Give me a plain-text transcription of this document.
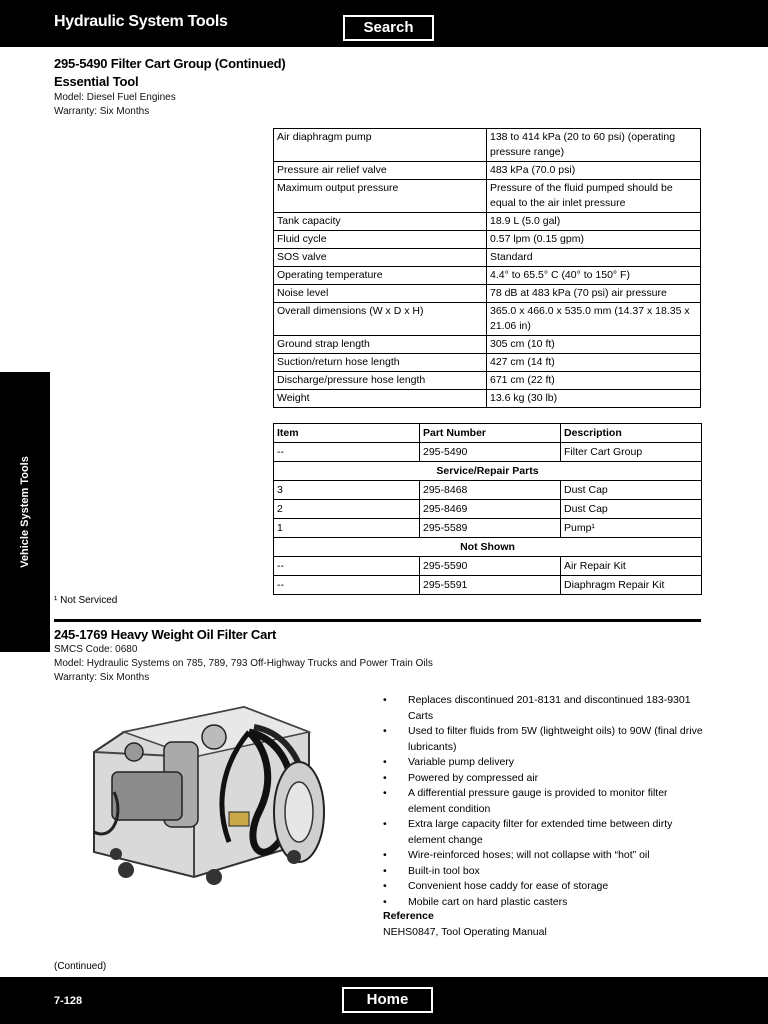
Hydraulic System Tools	Search
Vehicle System Tools
295-5490 Filter Cart Group (Continued)
Essential Tool
Model: Diesel Fuel Engines
Warranty: Six Months
Air diaphragm pump	138 to 414 kPa (20 to 60 psi) (operating pressure range)
Pressure air relief valve	483 kPa (70.0 psi)
Maximum output pressure	Pressure of the fluid pumped should be equal to the air inlet pressure
Tank capacity	18.9 L (5.0 gal)
Fluid cycle	0.57 lpm (0.15 gpm)
SOS valve	Standard
Operating temperature	4.4° to 65.5° C (40° to 150° F)
Noise level	78 dB at 483 kPa (70 psi) air pressure
Overall dimensions (W x D x H)	365.0 x 466.0 x 535.0 mm (14.37 x 18.35 x 21.06 in)
Ground strap length	305 cm (10 ft)
Suction/return hose length	427 cm (14 ft)
Discharge/pressure hose length	671 cm (22 ft)
Weight	13.6 kg (30 lb)
Item	Part Number	Description
--	295-5490	Filter Cart Group
Service/Repair Parts		
3	295-8468	Dust Cap
2	295-8469	Dust Cap
1	295-5589	Pump¹
Not Shown		
--	295-5590	Air Repair Kit
--	295-5591	Diaphragm Repair Kit
¹ Not Serviced
245-1769 Heavy Weight Oil Filter Cart
SMCS Code: 0680
Model: Hydraulic Systems on 785, 789, 793 Off-Highway Trucks and Power Train Oils
Warranty: Six Months
• Replaces discontinued 201-8131 and discontinued 183-9301 Carts
• Used to filter fluids from 5W (lightweight oils) to 90W (final drive lubricants)
• Variable pump delivery
• Powered by compressed air
• A differential pressure gauge is provided to monitor filter element condition
• Extra large capacity filter for extended time between dirty element change
• Wire-reinforced hoses; will not collapse with “hot” oil
• Built-in tool box
• Convenient hose caddy for ease of storage
• Mobile cart on hard plastic casters
Reference
NEHS0847, Tool Operating Manual
(Continued)
7-128	Home
